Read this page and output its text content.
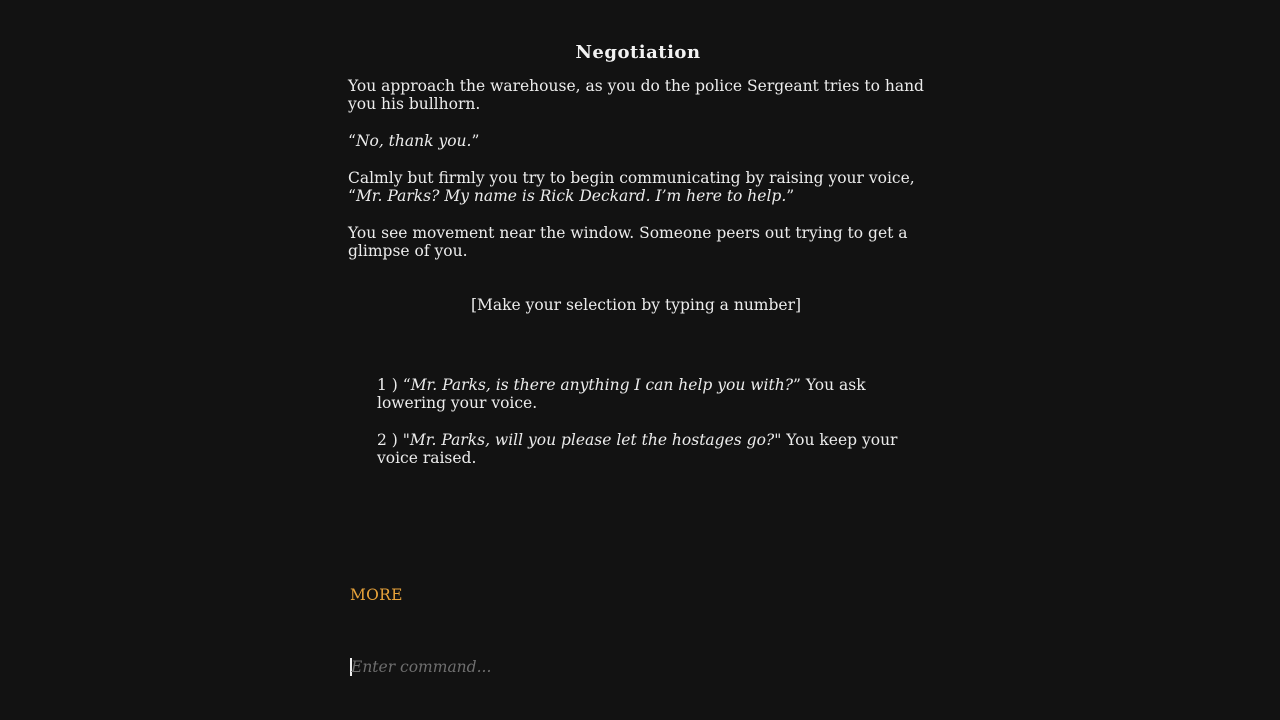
Negotiation

You approach the warehouse, as you do the police Sergeant tries to hand you his bullhorn.

“No, thank you.”

Calmly but firmly you try to begin communicating by raising your voice, “Mr. Parks? My name is Rick Deckard. I’m here to help.”

You see movement near the window. Someone peers out trying to get a glimpse of you.

[Make your selection by typing a number]

1 ) “Mr. Parks, is there anything I can help you with?” You ask lowering your voice.

2 ) "Mr. Parks, will you please let the hostages go?" You keep your voice raised.

MORE
Enter command...
